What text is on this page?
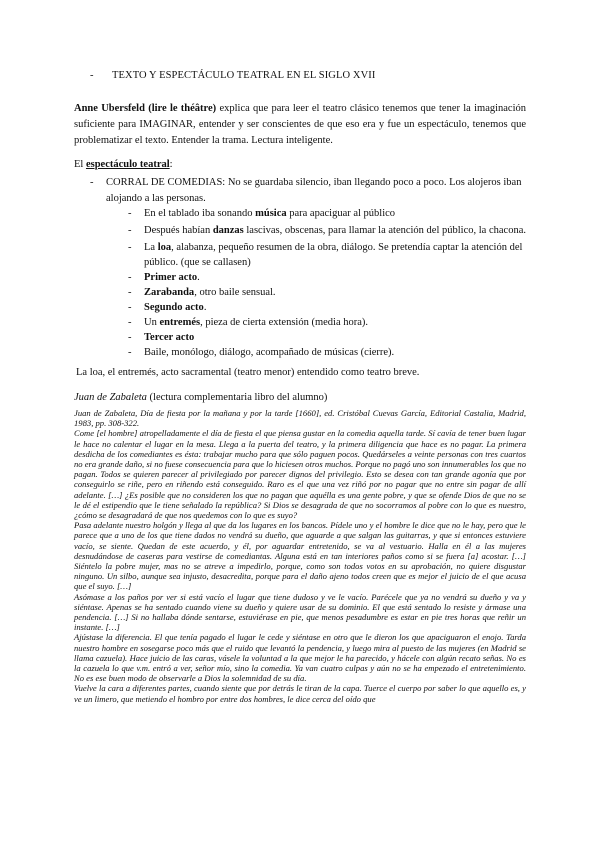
- TEXTO Y ESPECTÁCULO TEATRAL EN EL SIGLO XVII
Anne Ubersfeld (lire le théâtre) explica que para leer el teatro clásico tenemos que tener la imaginación suficiente para IMAGINAR, entender y ser conscientes de que eso era y fue un espectáculo, tenemos que problematizar el texto. Entender la trama. Lectura inteligente.
El espectáculo teatral:
- CORRAL DE COMEDIAS: No se guardaba silencio, iban llegando poco a poco. Los alojeros iban alojando a las personas.
- En el tablado iba sonando música para apaciguar al público
- Después habían danzas lascivas, obscenas, para llamar la atención del público, la chacona.
- La loa, alabanza, pequeño resumen de la obra, diálogo. Se pretendía captar la atención del público. (que se callasen)
- Primer acto.
- Zarabanda, otro baile sensual.
- Segundo acto.
- Un entremés, pieza de cierta extensión (media hora).
- Tercer acto
- Baile, monólogo, diálogo, acompañado de músicas (cierre).
La loa, el entremés, acto sacramental (teatro menor) entendido como teatro breve.
Juan de Zabaleta (lectura complementaria libro del alumno)

Juan de Zabaleta, Día de fiesta por la mañana y por la tarde [1660], ed. Cristóbal Cuevas García, Editorial Castalia, Madrid, 1983, pp. 308-322.

Come [el hombre] atropelladamente el día de fiesta el que piensa gustar en la comedia aquella tarde. Sí cavía de tener buen lugar le hace no calentar el lugar en la mesa. Llega a la puerta del teatro, y la primera diligencia que hace es no pagar. La primera desdicha de los comediantes es ésta: trabajar mucho para que sólo paguen pocos. Quedárseles a veinte personas con tres cuartos no era grande daño, si no fuese consecuencia para que lo hiciesen otros muchos. Porque no pagó uno son innumerables los que no pagan. Todos se quieren parecer al privilegiado por parecer dignos del privilegio. Esto se desea con tan grande agonía que por conseguirlo se riñe, pero en riñendo está conseguido. Raro es el que una vez riñó por no pagar que no entre sin pagar de allí adelante. […] ¿Es posible que no consideren los que no pagan que aquélla es una gente pobre, y que se ofende Dios de que no se le dé el estipendio que le tiene señalado la república? Si Dios se desagrada de que no socorramos al pobre con lo que es nuestro, ¿cómo se desagradará de que nos quedemos con lo que es suyo?

Pasa adelante nuestro holgón y llega al que da los lugares en los bancos. Pídele uno y el hombre le dice que no le hay, pero que le parece que a uno de los que tiene dados no vendrá su dueño, que aguarde a que salgan las guitarras, y que si entonces estuviere vacío, se siente. Quedan de este acuerdo, y él, por aguardar entretenido, se va al vestuario. Halla en él a las mujeres desnudándose de caseras para vestirse de comediantas. Alguna está en tan interiores paños como si se fuera [a] acostar. […] Siéntelo la pobre mujer, mas no se atreve a impedirlo, porque, como son todos votos en su aprobación, no quiere disgustar ninguno. Un silbo, aunque sea injusto, desacredita, porque para el daño ajeno todos creen que es mejor el juicio de el que acusa que el suyo. […]

Asómase a los paños por ver si está vacío el lugar que tiene dudoso y ve le vacío. Parécele que ya no vendrá su dueño y va y siéntase. Apenas se ha sentado cuando viene su dueño y quiere usar de su dominio. El que está sentado lo resiste y ármase una pendencia. […] Si no hallaba dónde sentarse, estuviérase en pie, que menos pesadumbre es estar en pie tres horas que reñir un instante. […]

Ajústase la diferencia. El que tenía pagado el lugar le cede y siéntase en otro que le dieron los que apaciguaron el enojo. Tarda nuestro hombre en sosegarse poco más que el ruido que levantó la pendencia, y luego mira al puesto de las mujeres (en Madrid se llama cazuela). Hace juicio de las caras, vásele la voluntad a la que mejor le ha parecido, y hácele con algún recato señas. No es la cazuela lo que v.m. entró a ver, señor mío, sino la comedia. Ya van cuatro culpas y aún no se ha empezado el entretenimiento. No es ese buen modo de observarle a Dios la solemnidad de su día.

Vuelve la cara a diferentes partes, cuando siente que por detrás le tiran de la capa. Tuerce el cuerpo por saber lo que aquello es, y ve un limero, que metiendo el hombro por entre dos hombres, le dice cerca del oído que
